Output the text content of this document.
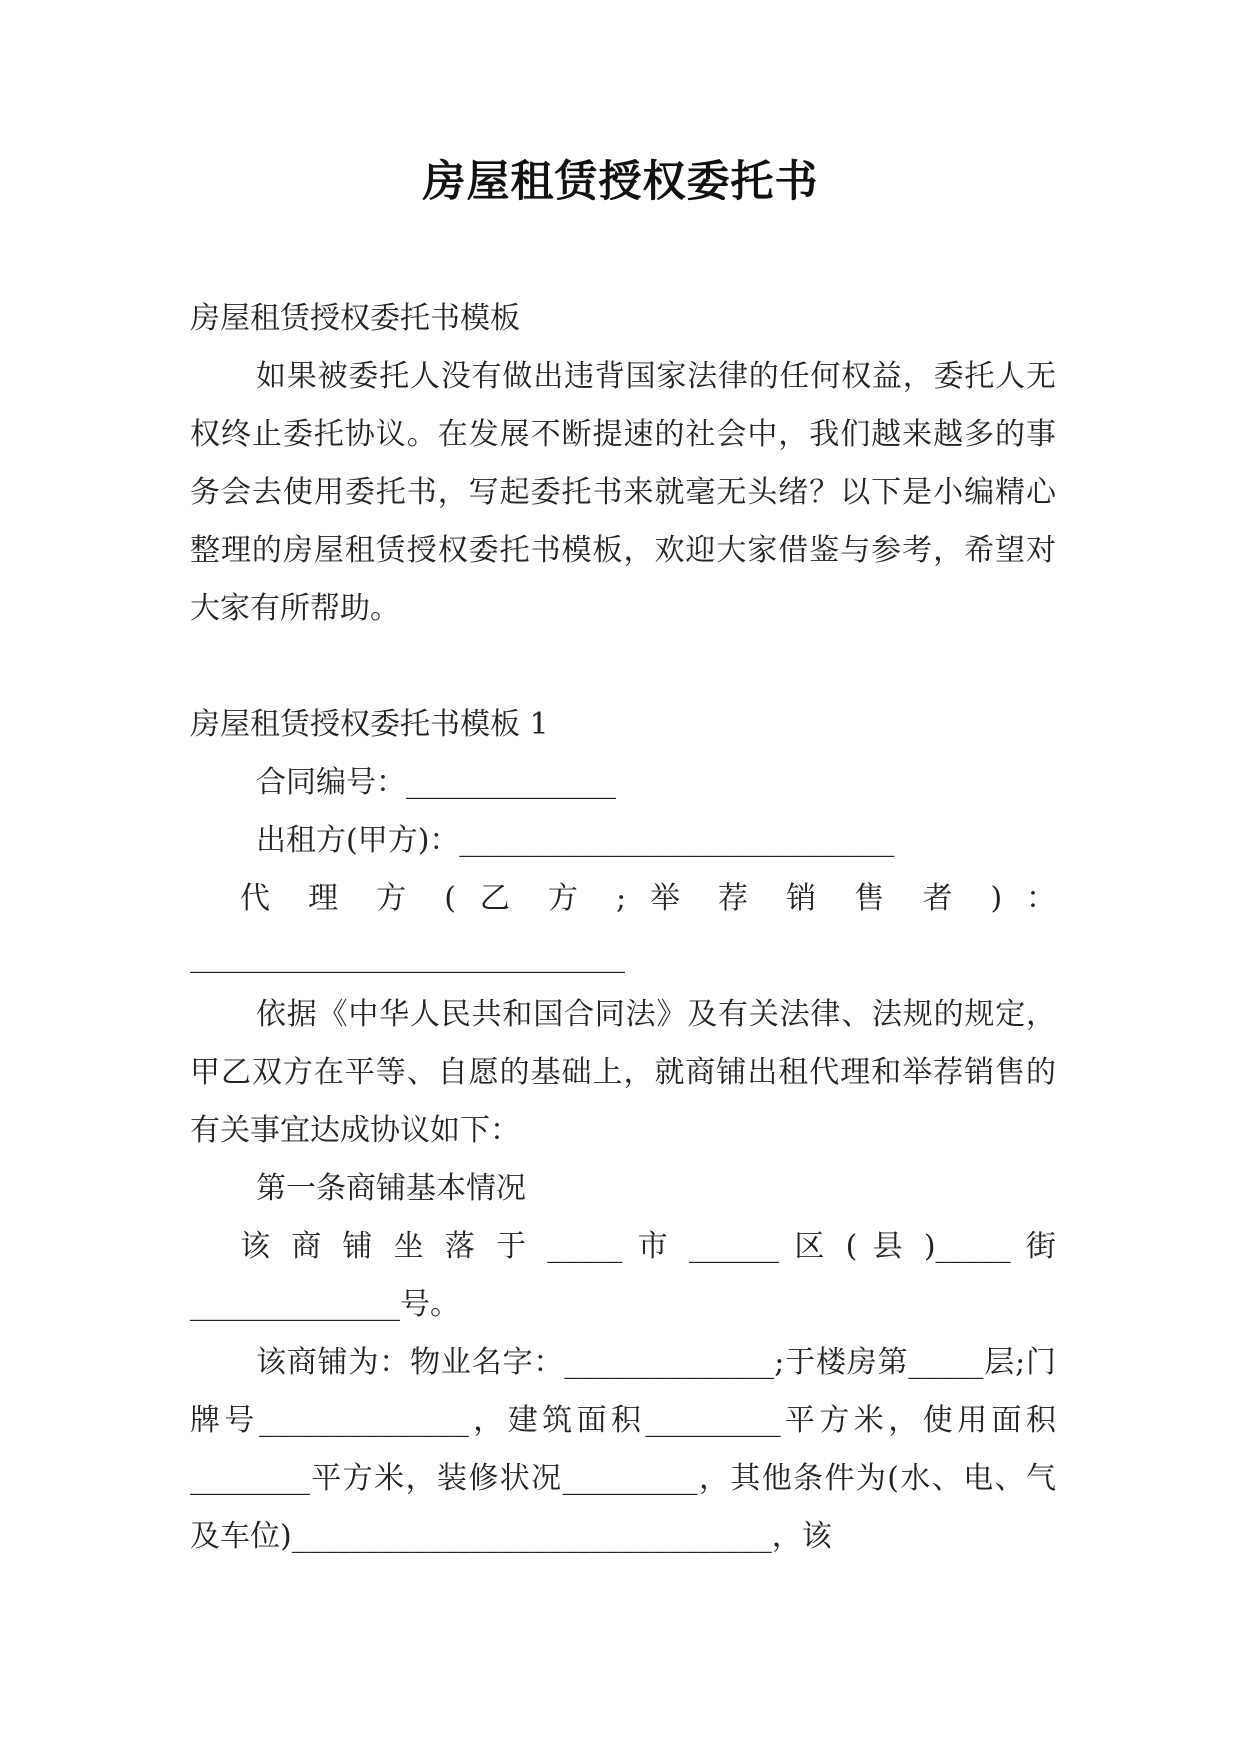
房屋租赁授权委托书

房屋租赁授权委托书模板

如果被委托人没有做出违背国家法律的任何权益，委托人无权终止委托协议。在发展不断提速的社会中，我们越来越多的事务会去使用委托书，写起委托书来就毫无头绪？以下是小编精心整理的房屋租赁授权委托书模板，欢迎大家借鉴与参考，希望对大家有所帮助。

房屋租赁授权委托书模板 1

合同编号：______________

出租方(甲方)：_____________________________

代 理 方 ( 乙 方 ; 举 荐 销 售 者 ) ：

_____________________________

依据《中华人民共和国合同法》及有关法律、法规的规定，甲乙双方在平等、自愿的基础上，就商铺出租代理和举荐销售的有关事宜达成协议如下：

第一条商铺基本情况

该 商 铺 坐 落 于 _____ 市 ______ 区 ( 县 )_____ 街

______________号。

该商铺为：物业名字：______________;于楼房第_____层;门牌号______________，建筑面积_________平方米，使用面积 ________平方米，装修状况_________，其他条件为(水、电、气及车位)________________________________，该
